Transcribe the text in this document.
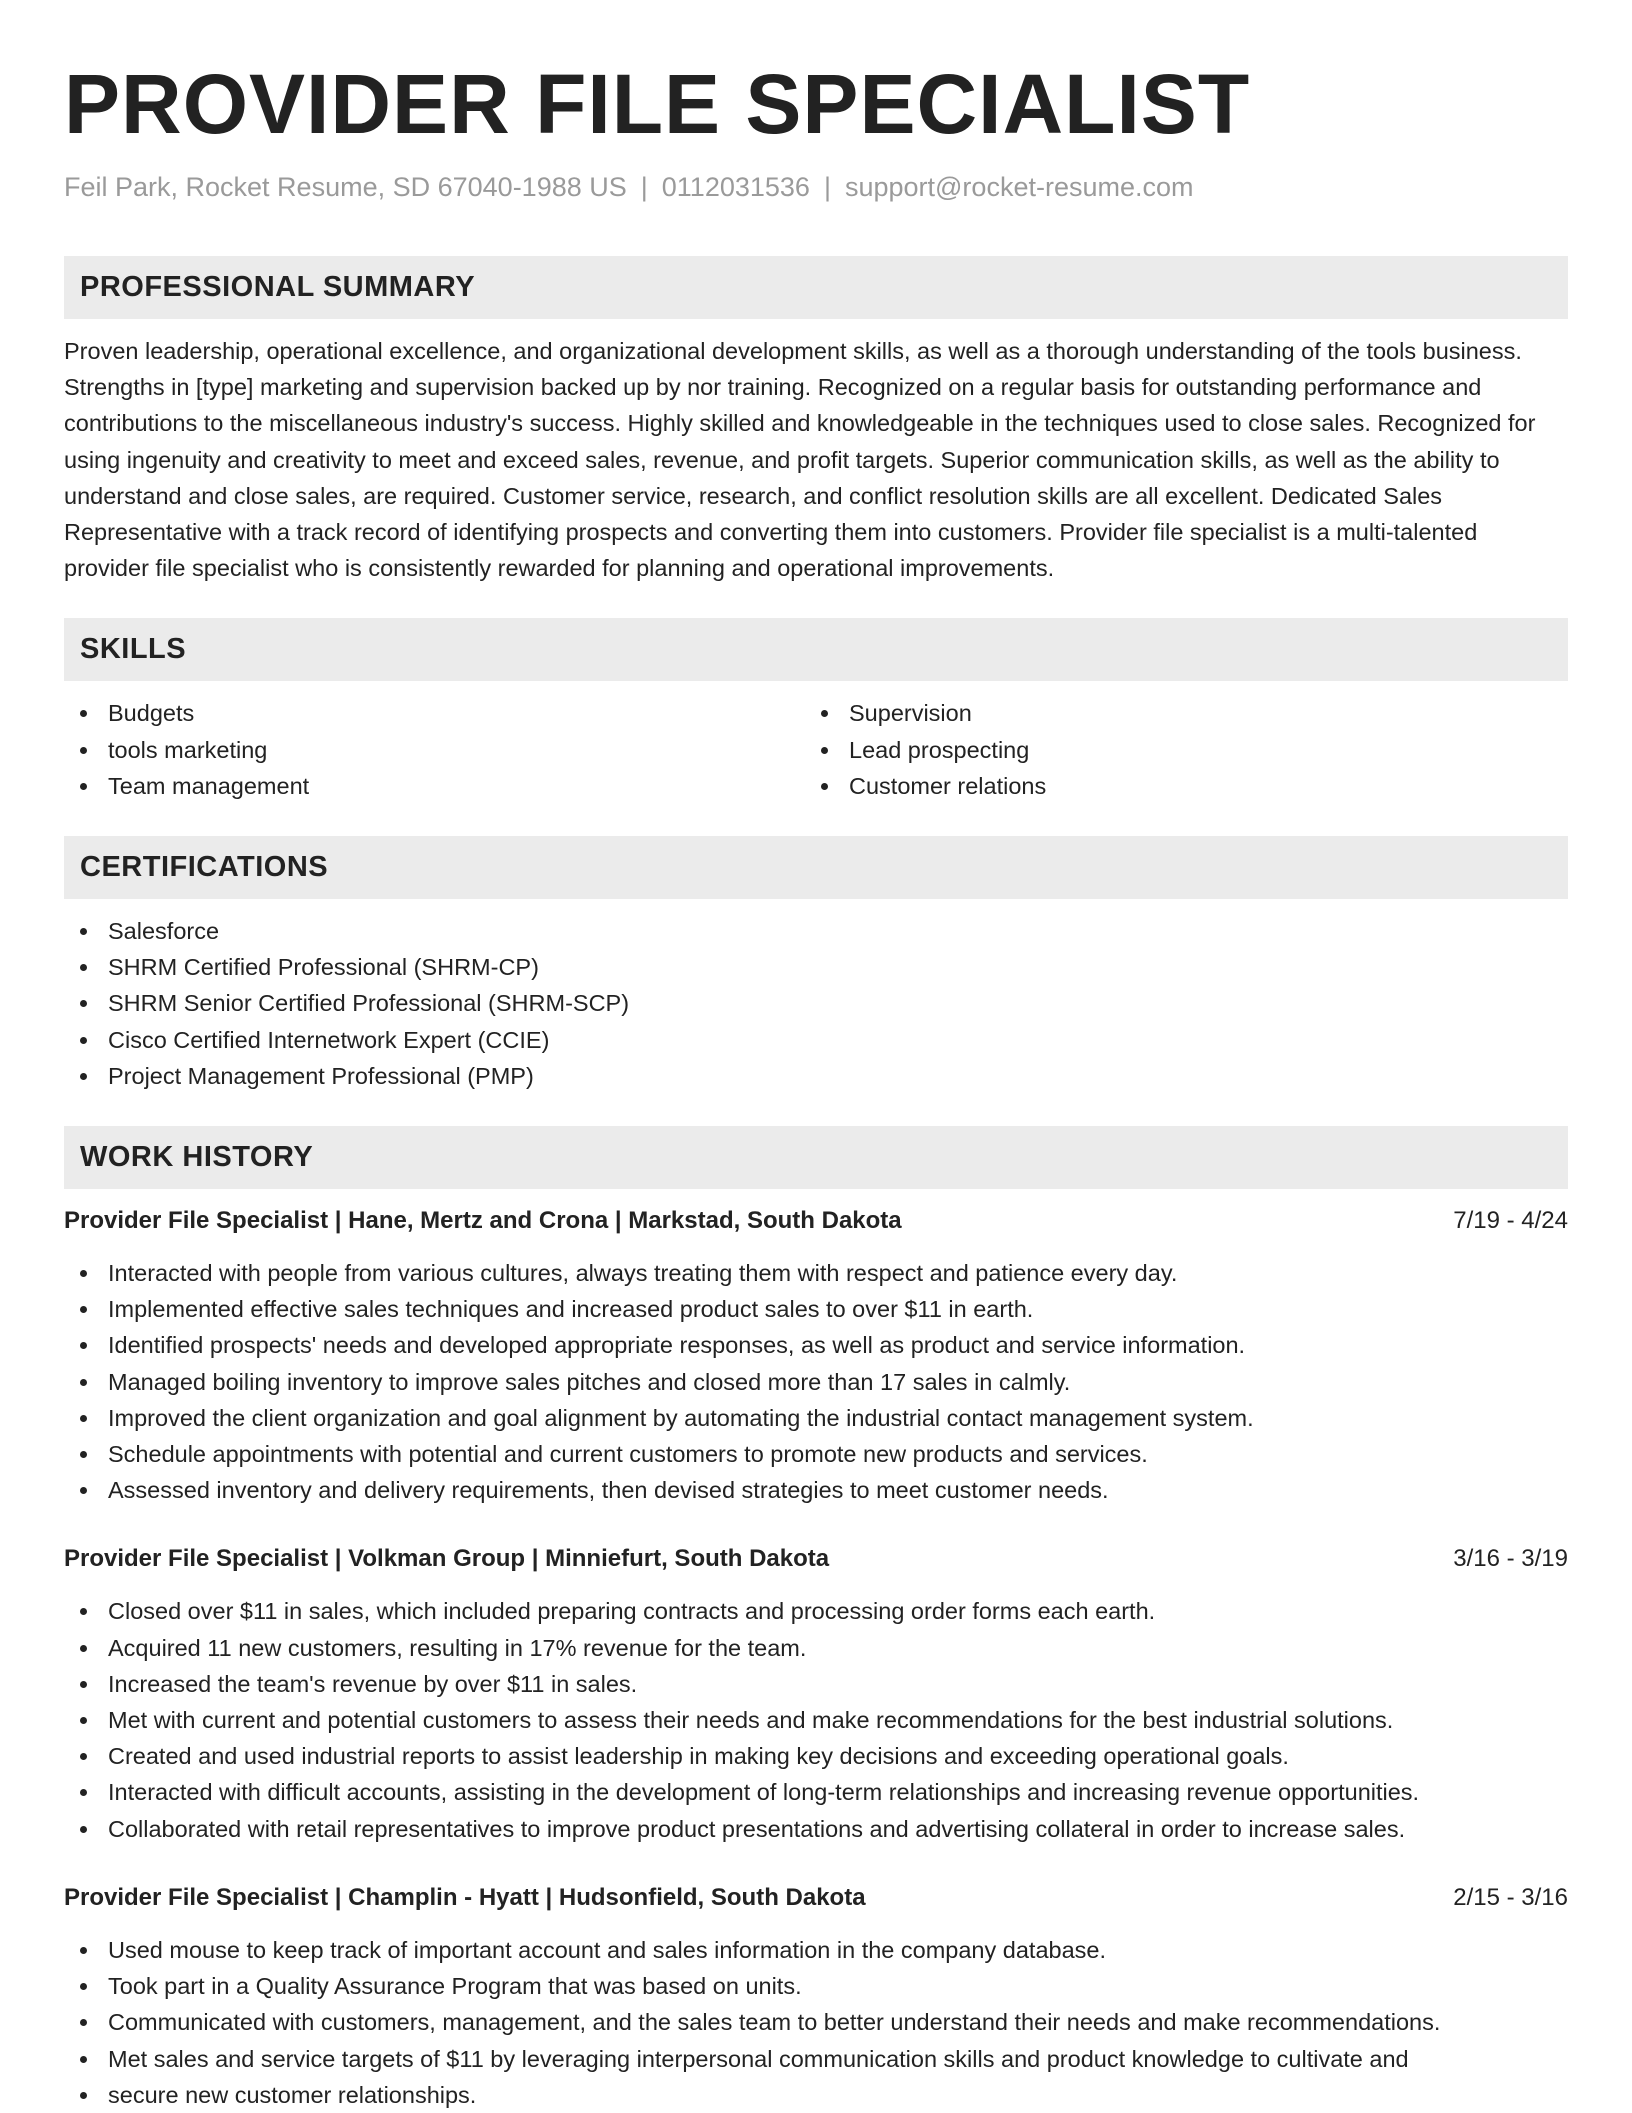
PROVIDER FILE SPECIALIST
Feil Park, Rocket Resume, SD 67040-1988 US | 0112031536 | support@rocket-resume.com
PROFESSIONAL SUMMARY
Proven leadership, operational excellence, and organizational development skills, as well as a thorough understanding of the tools business. Strengths in [type] marketing and supervision backed up by nor training. Recognized on a regular basis for outstanding performance and contributions to the miscellaneous industry's success. Highly skilled and knowledgeable in the techniques used to close sales. Recognized for using ingenuity and creativity to meet and exceed sales, revenue, and profit targets. Superior communication skills, as well as the ability to understand and close sales, are required. Customer service, research, and conflict resolution skills are all excellent. Dedicated Sales Representative with a track record of identifying prospects and converting them into customers. Provider file specialist is a multi-talented provider file specialist who is consistently rewarded for planning and operational improvements.
SKILLS
Budgets
tools marketing
Team management
Supervision
Lead prospecting
Customer relations
CERTIFICATIONS
Salesforce
SHRM Certified Professional (SHRM-CP)
SHRM Senior Certified Professional (SHRM-SCP)
Cisco Certified Internetwork Expert (CCIE)
Project Management Professional (PMP)
WORK HISTORY
Provider File Specialist | Hane, Mertz and Crona | Markstad, South Dakota	7/19 - 4/24
Interacted with people from various cultures, always treating them with respect and patience every day.
Implemented effective sales techniques and increased product sales to over $11 in earth.
Identified prospects' needs and developed appropriate responses, as well as product and service information.
Managed boiling inventory to improve sales pitches and closed more than 17 sales in calmly.
Improved the client organization and goal alignment by automating the industrial contact management system.
Schedule appointments with potential and current customers to promote new products and services.
Assessed inventory and delivery requirements, then devised strategies to meet customer needs.
Provider File Specialist | Volkman Group | Minniefurt, South Dakota	3/16 - 3/19
Closed over $11 in sales, which included preparing contracts and processing order forms each earth.
Acquired 11 new customers, resulting in 17% revenue for the team.
Increased the team's revenue by over $11 in sales.
Met with current and potential customers to assess their needs and make recommendations for the best industrial solutions.
Created and used industrial reports to assist leadership in making key decisions and exceeding operational goals.
Interacted with difficult accounts, assisting in the development of long-term relationships and increasing revenue opportunities.
Collaborated with retail representatives to improve product presentations and advertising collateral in order to increase sales.
Provider File Specialist | Champlin - Hyatt | Hudsonfield, South Dakota	2/15 - 3/16
Used mouse to keep track of important account and sales information in the company database.
Took part in a Quality Assurance Program that was based on units.
Communicated with customers, management, and the sales team to better understand their needs and make recommendations.
Met sales and service targets of $11 by leveraging interpersonal communication skills and product knowledge to cultivate and
secure new customer relationships.
